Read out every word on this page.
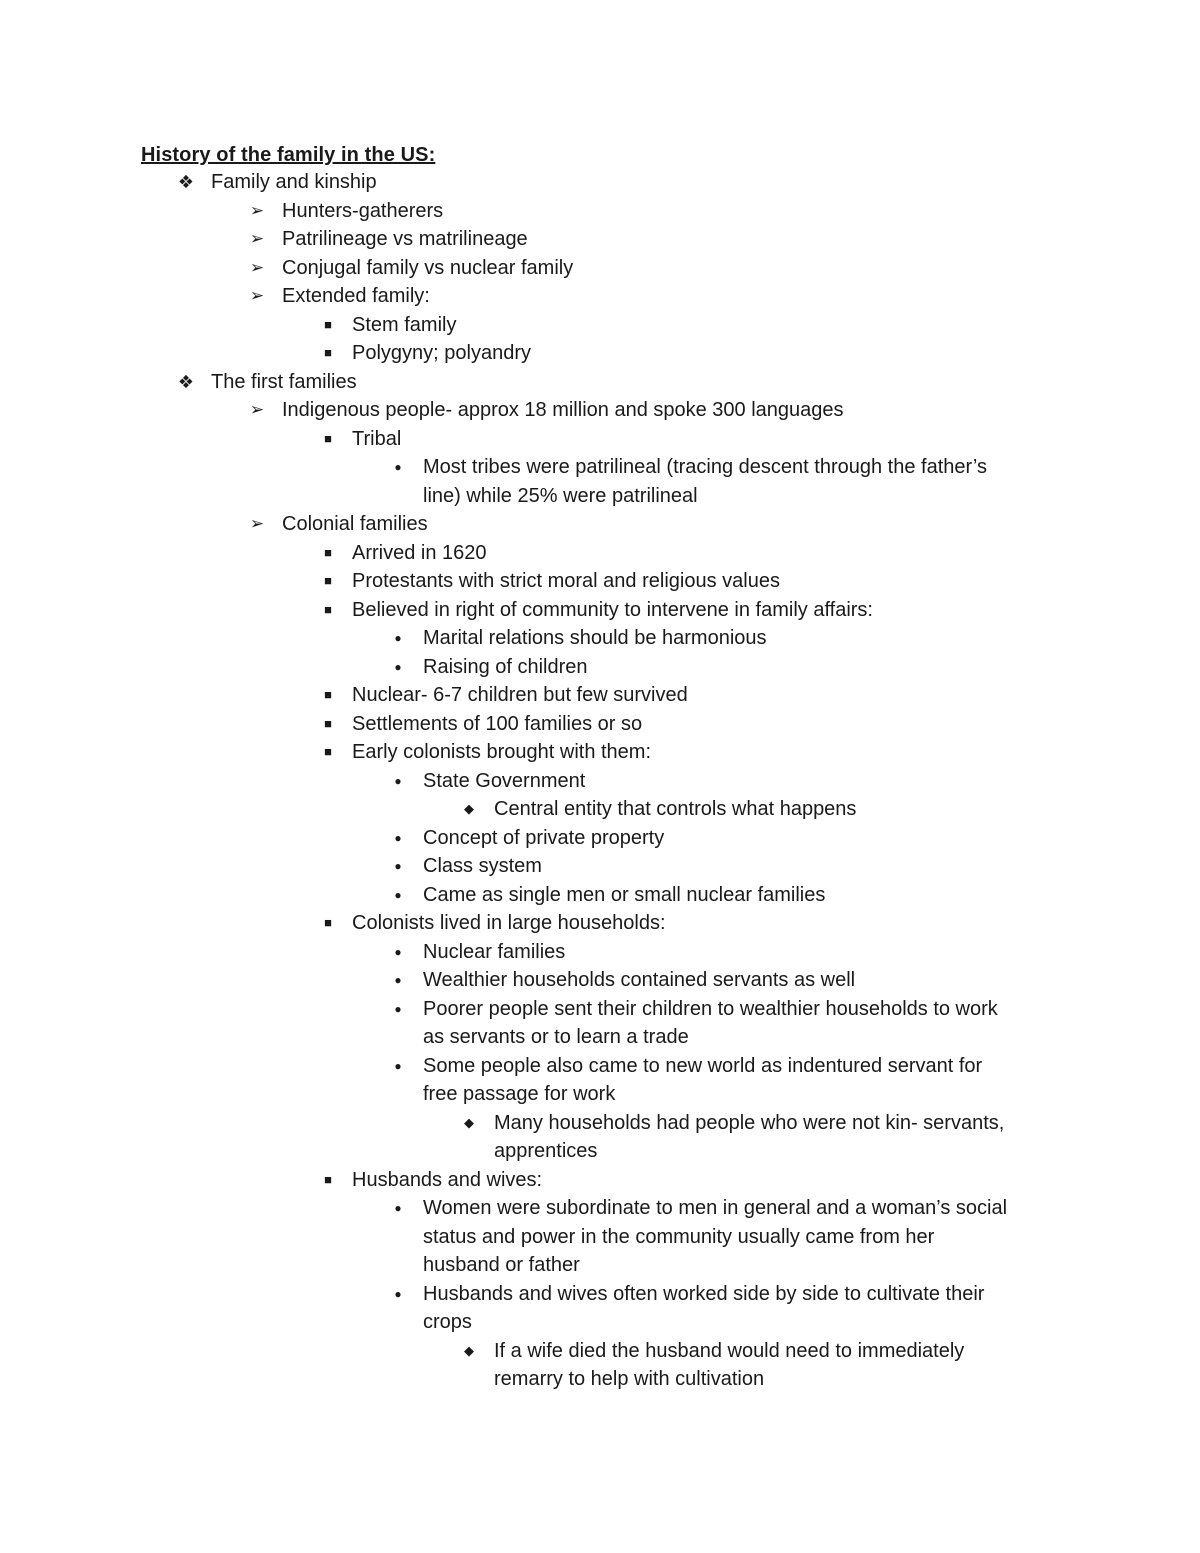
History of the family in the US:
❖ Family and kinship
➢ Hunters-gatherers
➢ Patrilineage vs matrilineage
➢ Conjugal family vs nuclear family
➢ Extended family:
■	Stem family
■	Polygyny; polyandry
❖ The first families
➢ Indigenous people- approx 18 million and spoke 300 languages
■	Tribal
●	Most tribes were patrilineal (tracing descent through the father’s
line) while 25% were patrilineal
➢ Colonial families
■	Arrived in 1620
■	Protestants with strict moral and religious values
■	Believed in right of community to intervene in family affairs:
●	Marital relations should be harmonious
●	Raising of children
■	Nuclear- 6-7 children but few survived
■	Settlements of 100 families or so
■	Early colonists brought with them:
●	State Government
◆	Central entity that controls what happens
●	Concept of private property
●	Class system
●	Came as single men or small nuclear families
■	Colonists lived in large households:
●	Nuclear families
●	Wealthier households contained servants as well
●	Poorer people sent their children to wealthier households to work
as servants or to learn a trade
●	Some people also came to new world as indentured servant for
free passage for work
◆	Many households had people who were not kin- servants,
apprentices
■	Husbands and wives:
●	Women were subordinate to men in general and a woman’s social
status and power in the community usually came from her
husband or father
●	Husbands and wives often worked side by side to cultivate their
crops
◆	If a wife died the husband would need to immediately
remarry to help with cultivation
